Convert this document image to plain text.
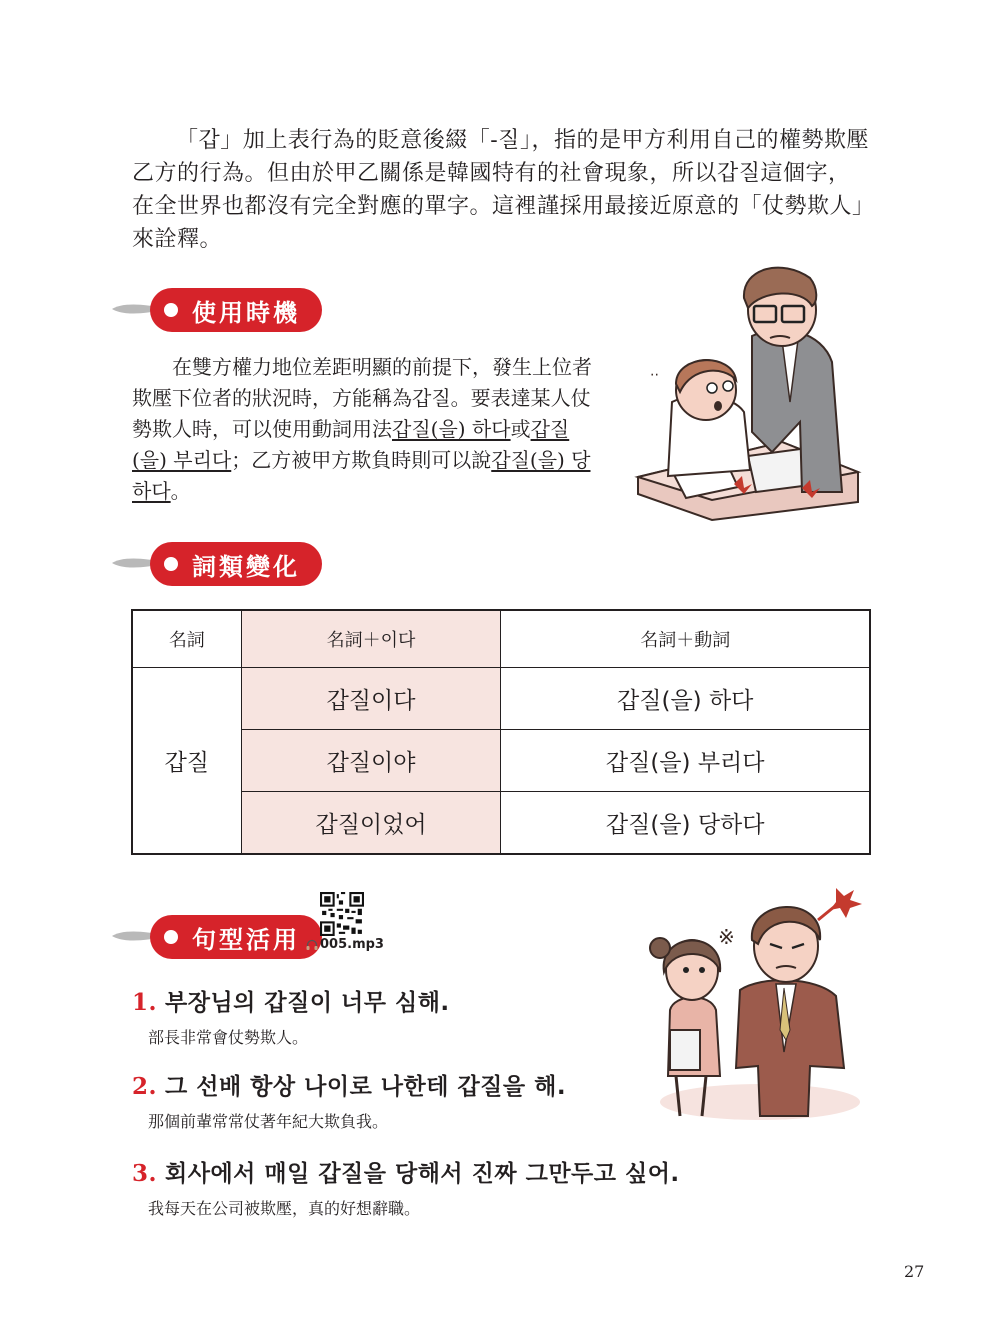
「갑」加上表行為的貶意後綴「-질」，指的是甲方利用自己的權勢欺壓乙方的行為。但由於甲乙關係是韓國特有的社會現象，所以갑질這個字，在全世界也都沒有完全對應的單字。這裡謹採用最接近原意的「仗勢欺人」來詮釋。

使用時機

在雙方權力地位差距明顯的前提下，發生上位者欺壓下位者的狀況時，方能稱為갑질。要表達某人仗勢欺人時，可以使用動詞用法갑질(을) 하다或갑질(을) 부리다；乙方被甲方欺負時則可以說갑질(을) 당하다。

‧‧
詞類變化
名詞	名詞＋이다	名詞＋動詞
갑질	갑질이다	갑질(을) 하다
	갑질이야	갑질(을) 부리다
	갑질이었어	갑질(을) 당하다
句型活用 005.mp3
1. 부장님의 갑질이 너무 심해.
部長非常會仗勢欺人。
2. 그 선배 항상 나이로 나한테 갑질을 해.
那個前輩常常仗著年紀大欺負我。
3. 회사에서 매일 갑질을 당해서 진짜 그만두고 싶어.
我每天在公司被欺壓，真的好想辭職。
※
27
